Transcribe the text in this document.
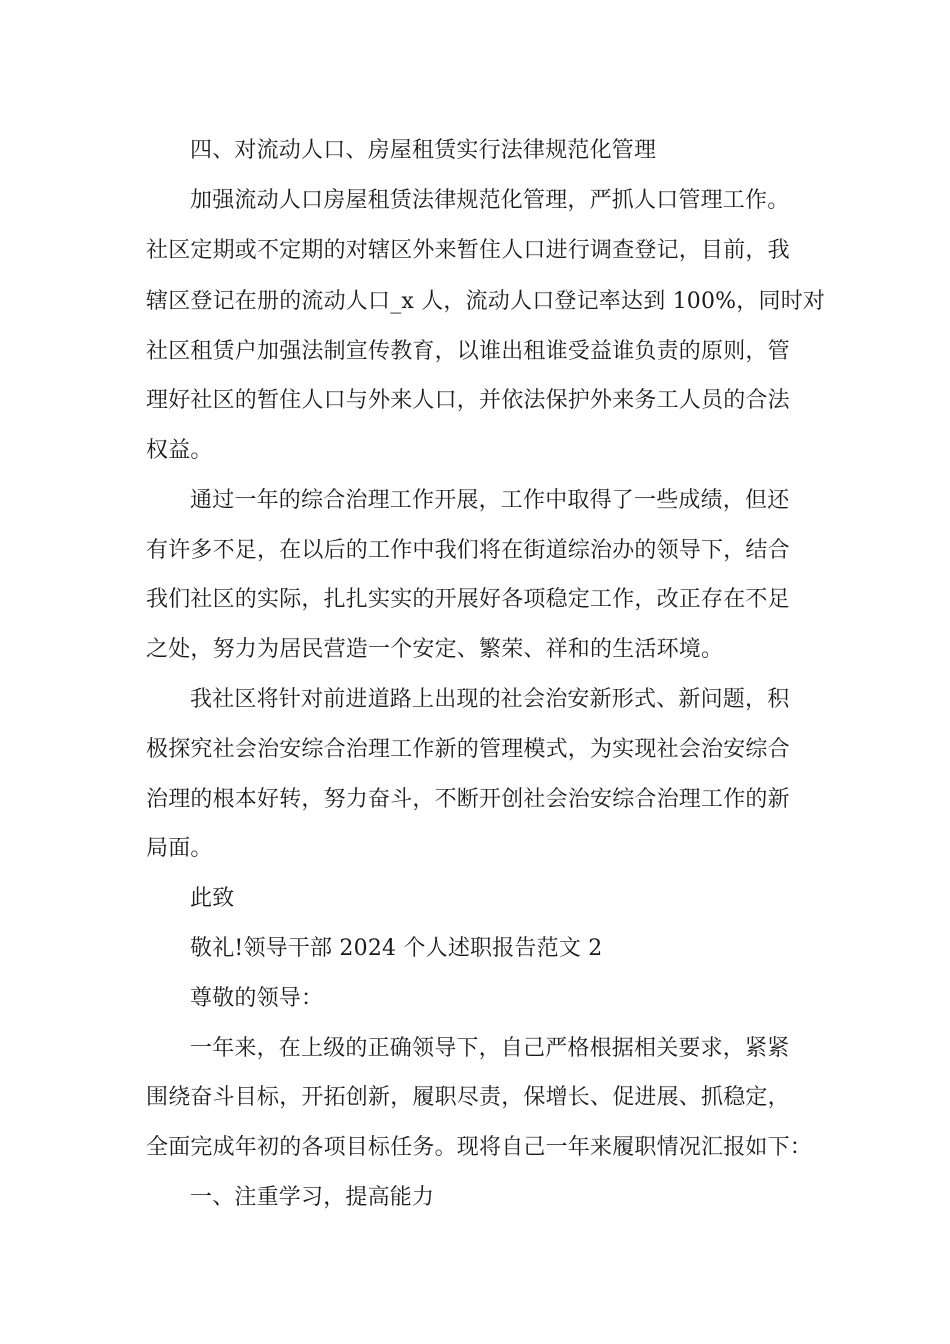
四、对流动人口、房屋租赁实行法律规范化管理
加强流动人口房屋租赁法律规范化管理，严抓人口管理工作。
社区定期或不定期的对辖区外来暂住人口进行调查登记，目前，我
辖区登记在册的流动人口_x 人，流动人口登记率达到 100%，同时对
社区租赁户加强法制宣传教育，以谁出租谁受益谁负责的原则，管
理好社区的暂住人口与外来人口，并依法保护外来务工人员的合法
权益。
通过一年的综合治理工作开展，工作中取得了一些成绩，但还
有许多不足，在以后的工作中我们将在街道综治办的领导下，结合
我们社区的实际，扎扎实实的开展好各项稳定工作，改正存在不足
之处，努力为居民营造一个安定、繁荣、祥和的生活环境。
我社区将针对前进道路上出现的社会治安新形式、新问题，积
极探究社会治安综合治理工作新的管理模式，为实现社会治安综合
治理的根本好转，努力奋斗，不断开创社会治安综合治理工作的新
局面。
此致
敬礼!领导干部 2024 个人述职报告范文 2
尊敬的领导：
一年来，在上级的正确领导下，自己严格根据相关要求，紧紧
围绕奋斗目标，开拓创新，履职尽责，保增长、促进展、抓稳定，
全面完成年初的各项目标任务。现将自己一年来履职情况汇报如下：
一、注重学习，提高能力
